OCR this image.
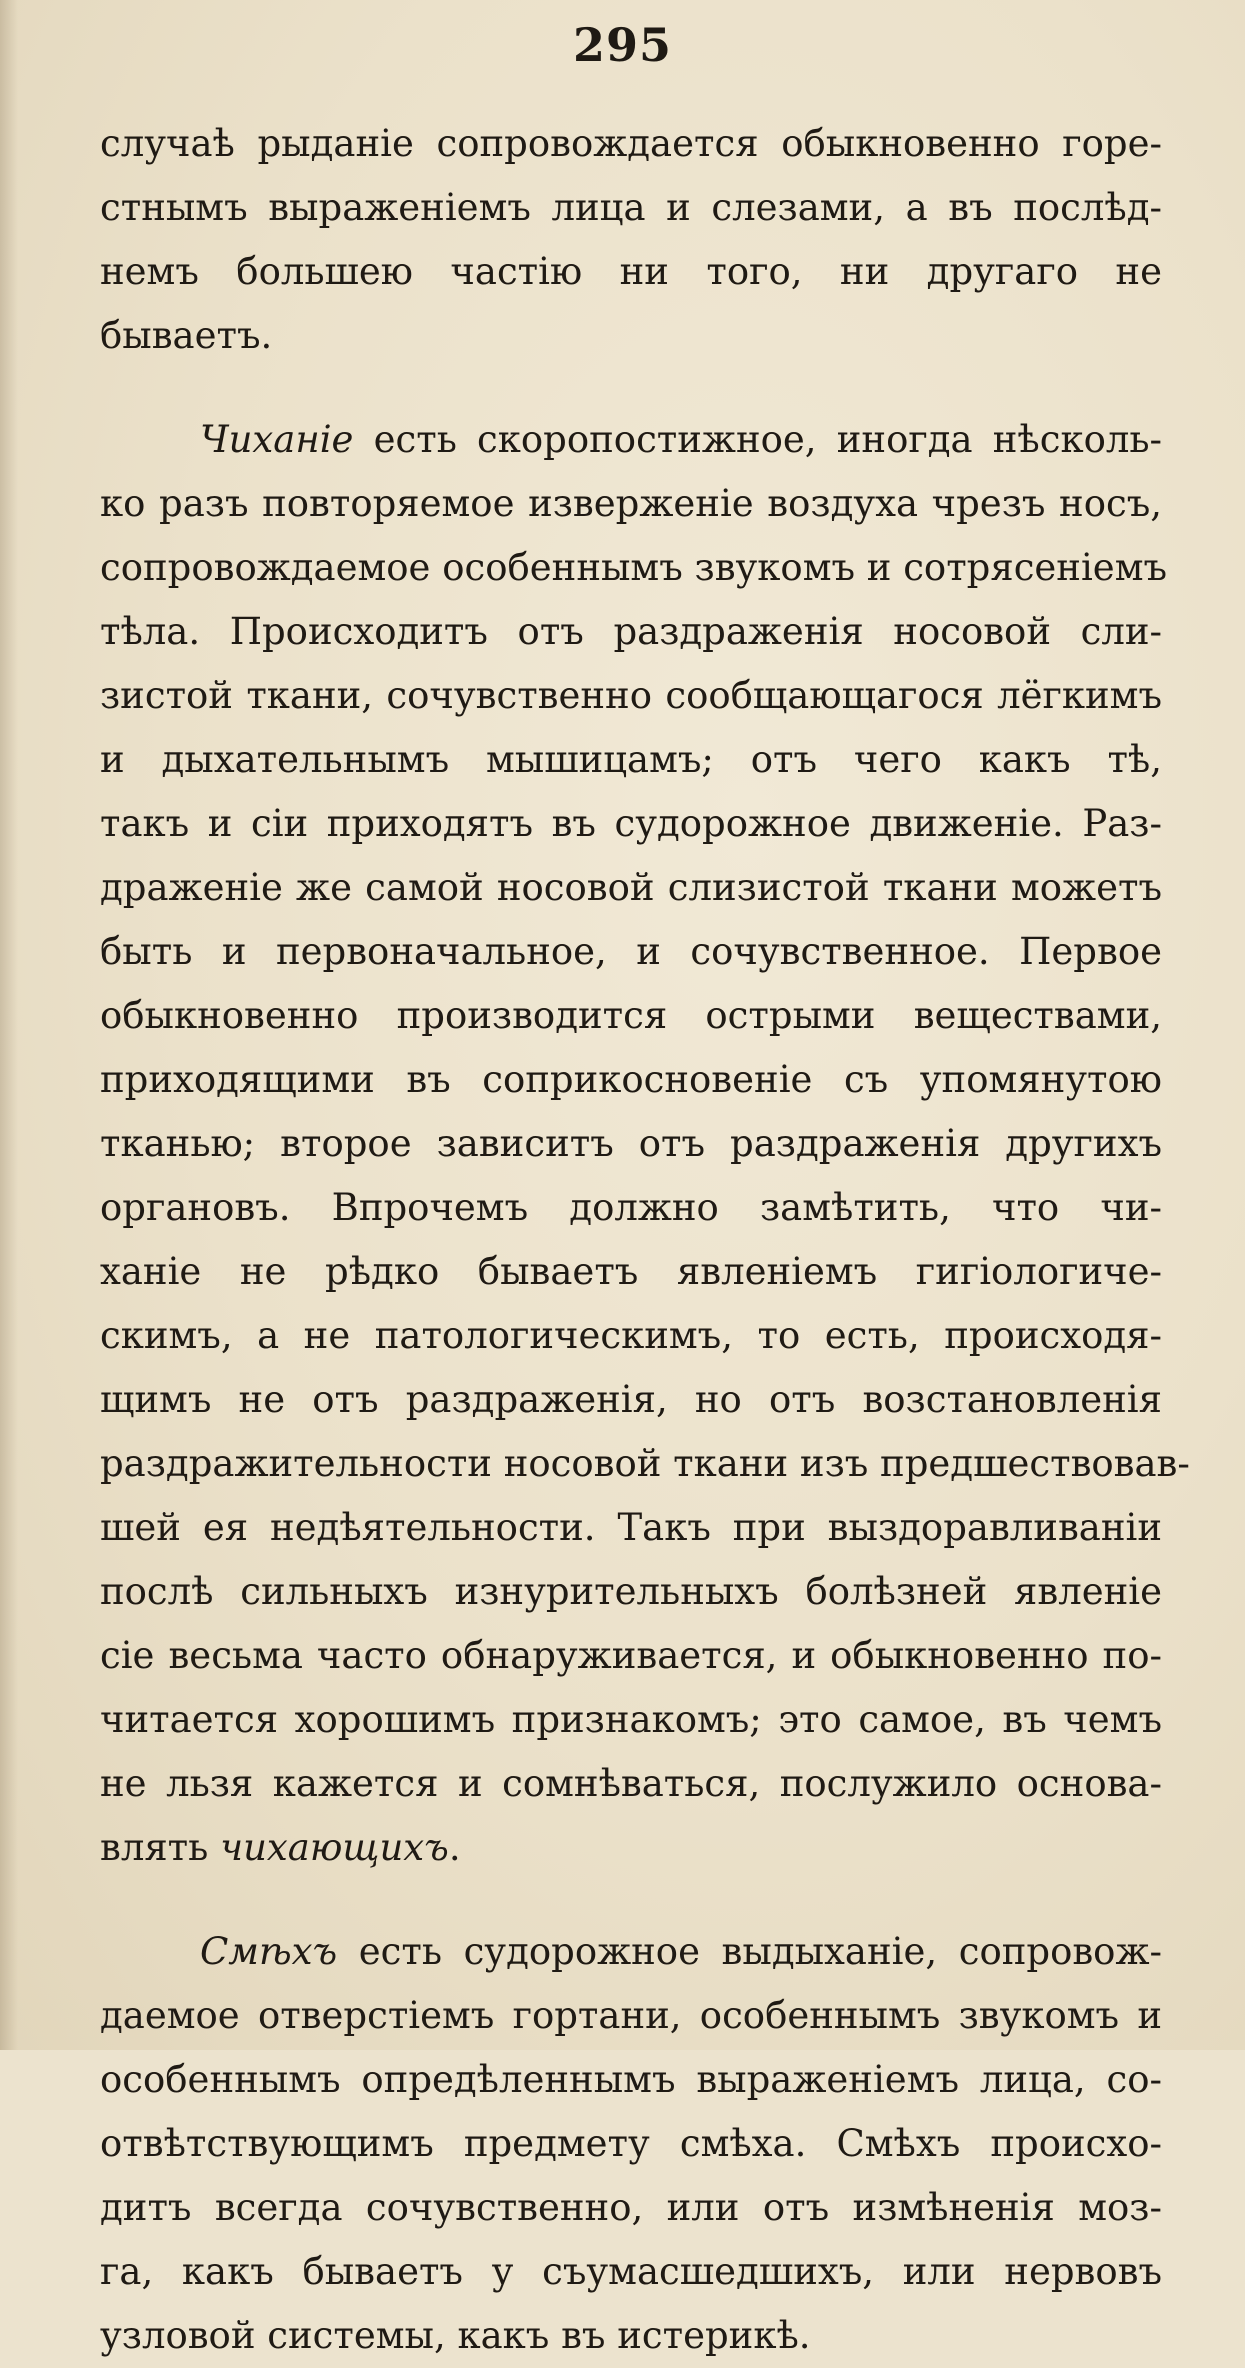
295
случаѣ рыданіе сопровождается обыкновенно горе-
стнымъ выраженіемъ лица и слезами, а въ послѣд-
немъ большею частію ни того, ни другаго не
бываетъ.
Чиханіе есть скоропостижное, иногда нѣсколь-
ко разъ повторяемое изверженіе воздуха чрезъ носъ,
сопровождаемое особеннымъ звукомъ и сотрясеніемъ
тѣла. Происходитъ отъ раздраженія носовой сли-
зистой ткани, сочувственно сообщающагося лёгкимъ
и дыхательнымъ мышицамъ; отъ чего какъ тѣ,
такъ и сіи приходятъ въ судорожное движеніе. Раз-
драженіе же самой носовой слизистой ткани можетъ
быть и первоначальное, и сочувственное. Первое
обыкновенно производится острыми веществами,
приходящими въ соприкосновеніе съ упомянутою
тканью; второе зависитъ отъ раздраженія другихъ
органовъ. Впрочемъ должно замѣтить, что чи-
ханіе не рѣдко бываетъ явленіемъ гигіологиче-
скимъ, а не патологическимъ, то есть, происходя-
щимъ не отъ раздраженія, но отъ возстановленія
раздражительности носовой ткани изъ предшествовав-
шей ея недѣятельности. Такъ при выздоравливаніи
послѣ сильныхъ изнурительныхъ болѣзней явленіе
сіе весьма часто обнаруживается, и обыкновенно по-
читается хорошимъ признакомъ; это самое, въ чемъ
не льзя кажется и сомнѣваться, послужило основа-
влять чихающихъ.
Смѣхъ есть судорожное выдыханіе, сопровож-
даемое отверстіемъ гортани, особеннымъ звукомъ и
особеннымъ опредѣленнымъ выраженіемъ лица, со-
отвѣтствующимъ предмету смѣха. Смѣхъ происхо-
дитъ всегда сочувственно, или отъ измѣненія моз-
га, какъ бываетъ у съумасшедшихъ, или нервовъ
узловой системы, какъ въ истерикѣ.
